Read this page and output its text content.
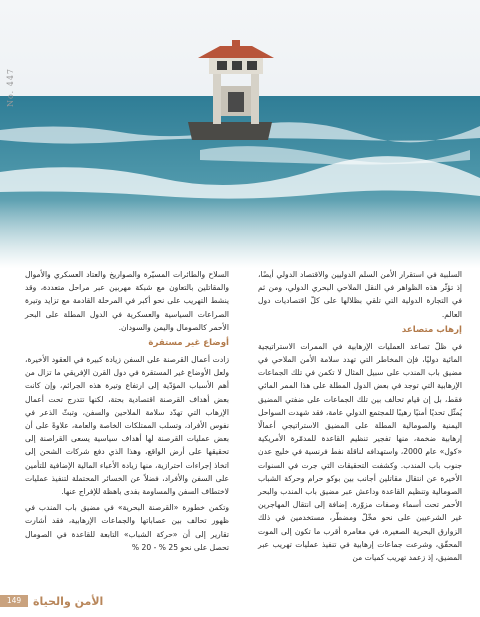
No. 447

السلبية في استقرار الأمن السلم الدوليين والاقتصاد الدولي أيضًا، إذ تؤثّر هذه الظواهر في النقل الملاحي البحري الدولي، ومن ثم في التجارة الدولية التي تلقي بظلالها على كلّ اقتصاديات دول العالم.

إرهاب متصاعد

في ظلّ تصاعد العمليات الإرهابية في الممرات الاستراتيجية المائية دوليًا، فإن المخاطر التي تهدد سلامة الأمن الملاحي في مضيق باب المندب على سبيل المثال لا تكمن في تلك الجماعات الإرهابية التي توجد في بعض الدول المطلة على هذا الممر المائي فقط، بل إن قيام تحالف بين تلك الجماعات على ضفتي المضيق يُمثّل تحديًا أمنيًا رهيبًا للمجتمع الدولي عامة، فقد شهدت السواحل اليمنية والصومالية المطلة على المضيق الاستراتيجي أعمالًا إرهابية ضخمة، منها تفجير تنظيم القاعدة للمدمّرة الأمريكية «كول» عام 2000، واستهدافه لناقلة نفط فرنسية في خليج عدن جنوب باب المندب. وكشفت التحقيقات التي جرت في السنوات الأخيرة عن انتقال مقاتلين أجانب بين بوكو حرام وحركة الشباب الصومالية وتنظيم القاعدة وداعش عبر مضيق باب المندب والبحر الأحمر تحت أسماء وصفات مزوّرة. إضافة إلى انتقال المهاجرين غير الشرعيين على نحو مخّلّ ومضطّر، مستخدمين في ذلك الزوارق البحرية الصغيرة، في مغامرة أقرب ما تكون إلى الموت المحقّق، وشرعت جماعات إرهابية في تنفيذ عمليات تهريب عبر المضيق، إذ زعمد تهريب كميات من

السلاح والطائرات المسيّرة والصواريخ والعتاد العسكري والأموال والمقاتلين بالتعاون مع شبكة مهربين عبر مراحل متعددة، وقد ينشط التهريب على نحو أكبر في المرحلة القادمة مع تزايد وتيرة الصراعات السياسية والعسكرية في الدول المطلة على البحر الأحمر كالصومال واليمن والسودان.

أوضاع غير مستقرة

زادت أعمال القرصنة على السفن زيادة كبيرة في العقود الأخيرة، ولعل الأوضاع غير المستقرة في دول القرن الإفريقي ما تزال من أهم الأسباب المؤدّية إلى ارتفاع وتيرة هذه الجرائم، وإن كانت بعض أهداف القرصنة اقتصادية بحتة، لكنها تتدرج تحت أعمال الإرهاب التي تهدّد سلامة الملاحين والسفن، وتبثّ الذعر في نفوس الأفراد، وتسلب الممتلكات الخاصة والعامة، علاوةً على أن بعض عمليات القرصنة لها أهداف سياسية يسعى القراصنة إلى تحقيقها على أرض الواقع، وهذا الذي دفع شركات الشحن إلى اتخاذ إجراءات احترازية، منها زيادة الأعباء المالية الإضافية للتأمين على السفن والأفراد، فضلاً عن الخسائر المحتملة لتنفيذ عمليات لاختطاف السفن والمساومة بفدى باهظة للإفراج عنها.

وتكمن خطورة «القرصنة البحرية» في مضيق باب المندب في ظهور تحالف بين عصاباتها والجماعات الإرهابية، فقد أشارت تقارير إلى أن «حركة الشباب» التابعة للقاعدة في الصومال تحصل على نحو 25 % - 20 %

149	الأمن والحياة
